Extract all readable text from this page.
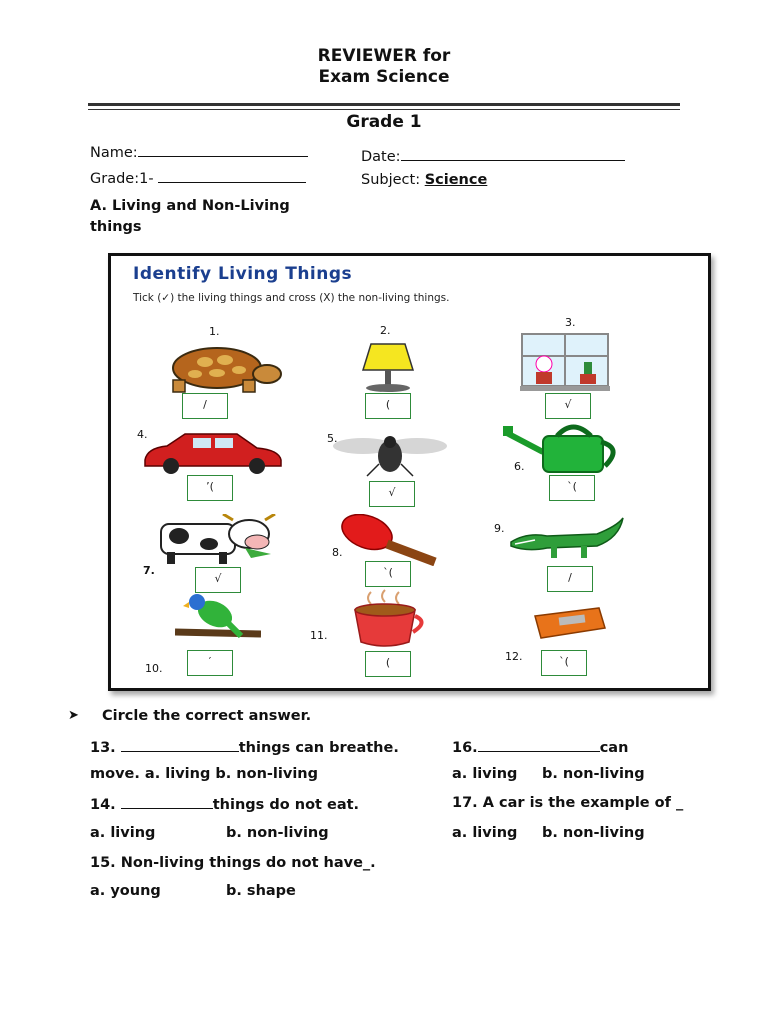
REVIEWER for
Exam Science
Grade 1
Name:	Date:
Grade:1-	Subject: Science
A. Living and Non-Living
things
Identify Living Things
Tick (✓) the living things and cross (X) the non-living things.
1.
/
2.
(
3.
√
4.
ʼ(
5.
√
6.
ˋ(
7.
√
8.
ˋ(
9.
/
10.
′
11.
(	12.	ˋ(
➤ Circle the correct answer.
13.	things can breathe.
move. a. living b. non-living
14.	things do not eat.
a. living	b. non-living
15. Non-living things do not have_.
a. young	b. shape
16.	can
a. living b. non-living
17. A car is the example of _
a. living b. non-living
